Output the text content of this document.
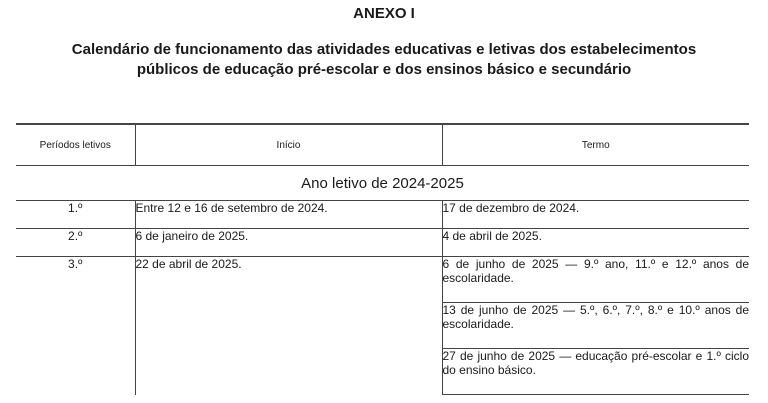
ANEXO I
Calendário de funcionamento das atividades educativas e letivas dos estabelecimentos públicos de educação pré-escolar e dos ensinos básico e secundário
Períodos letivos	Início	Termo
Ano letivo de 2024-2025		
1.º	Entre 12 e 16 de setembro de 2024.	17 de dezembro de 2024.
2.º	6 de janeiro de 2025.	4 de abril de 2025.
3.º	22 de abril de 2025.	6 de junho de 2025 — 9.º ano, 11.º e 12.º anos de escolaridade.
		13 de junho de 2025 — 5.º, 6.º, 7.º, 8.º e 10.º anos de escolaridade.
		27 de junho de 2025 — educação pré-escolar e 1.º ciclo do ensino básico.
